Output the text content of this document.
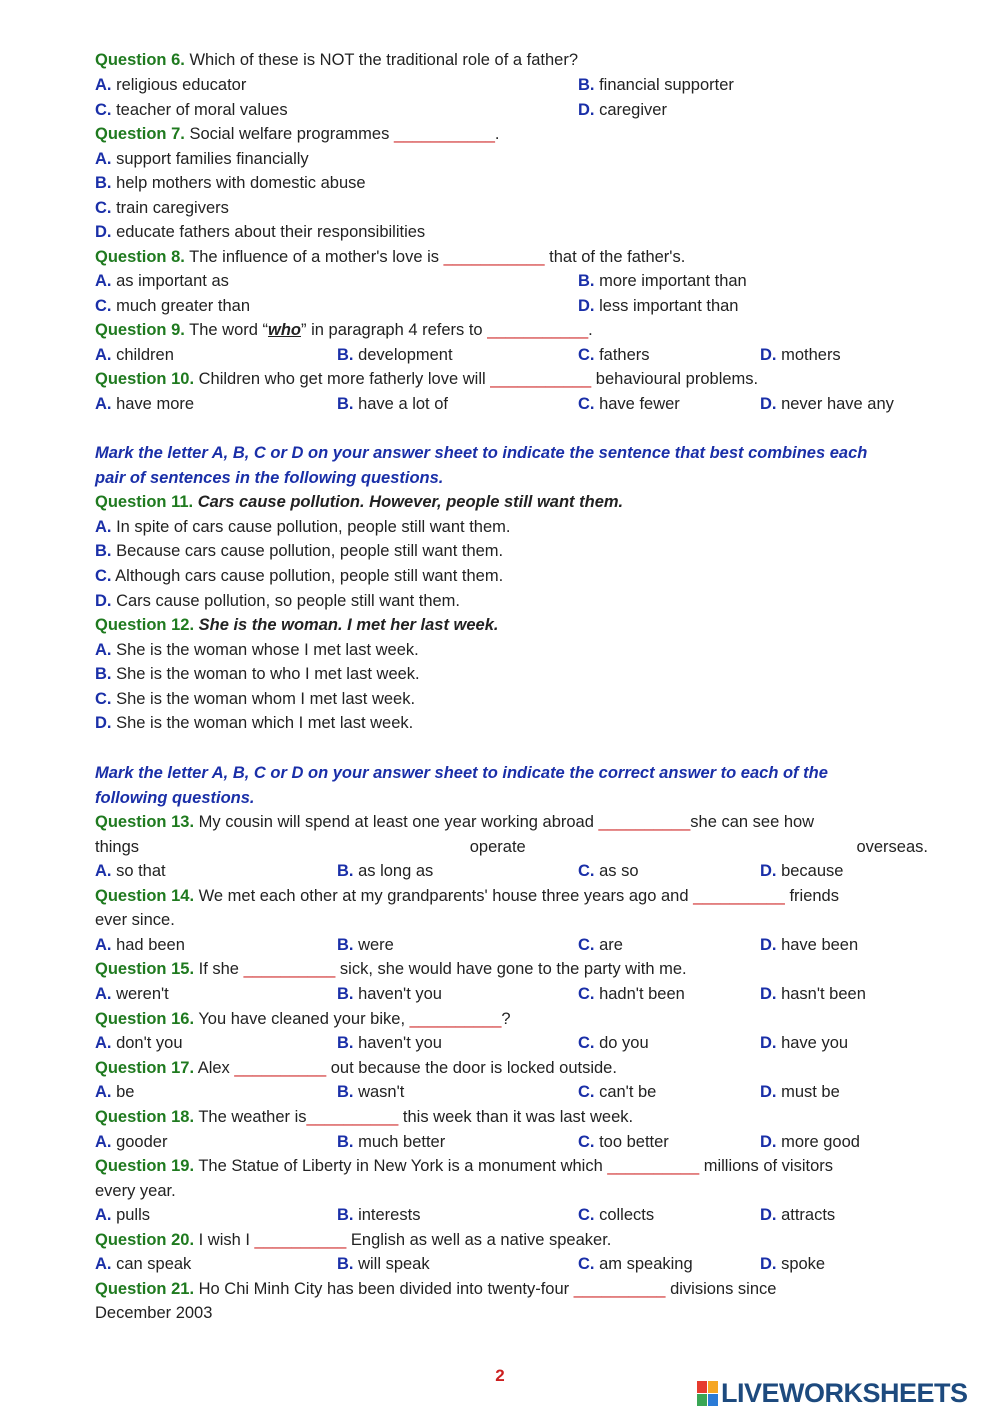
Question 6. Which of these is NOT the traditional role of a father?
A. religious educator	B. financial supporter
C. teacher of moral values	D. caregiver
Question 7. Social welfare programmes ___________.
A. support families financially
B. help mothers with domestic abuse
C. train caregivers
D. educate fathers about their responsibilities
Question 8. The influence of a mother's love is ___________ that of the father's.
A. as important as	B. more important than
C. much greater than	D. less important than
Question 9. The word “who” in paragraph 4 refers to ___________.
A. children	B. development	C. fathers	D. mothers
Question 10. Children who get more fatherly love will ___________ behavioural problems.
A. have more	B. have a lot of	C. have fewer	D. never have any
Mark the letter A, B, C or D on your answer sheet to indicate the sentence that best combines each
pair of sentences in the following questions.
Question 11. Cars cause pollution. However, people still want them.
A. In spite of cars cause pollution, people still want them.
B. Because cars cause pollution, people still want them.
C. Although cars cause pollution, people still want them.
D. Cars cause pollution, so people still want them.
Question 12. She is the woman. I met her last week.
A. She is the woman whose I met last week.
B. She is the woman to who I met last week.
C. She is the woman whom I met last week.
D. She is the woman which I met last week.
Mark the letter A, B, C or D on your answer sheet to indicate the correct answer to each of the
following questions.
Question 13. My cousin will spend at least one year working abroad __________she can see how
things	operate	overseas.
A. so that	B. as long as	C. as so	D. because
Question 14. We met each other at my grandparents' house three years ago and __________ friends
ever since.
A. had been	B. were	C. are	D. have been
Question 15. If she __________ sick, she would have gone to the party with me.
A. weren't	B. haven't you	C. hadn't been	D. hasn't been
Question 16. You have cleaned your bike, __________?
A. don't you	B. haven't you	C. do you	D. have you
Question 17. Alex __________ out because the door is locked outside.
A. be	B. wasn't	C. can't be	D. must be
Question 18. The weather is__________ this week than it was last week.
A. gooder	B. much better	C. too better	D. more good
Question 19. The Statue of Liberty in New York is a monument which __________ millions of visitors
every year.
A. pulls	B. interests	C. collects	D. attracts
Question 20. I wish I __________ English as well as a native speaker.
A. can speak	B. will speak	C. am speaking	D. spoke
Question 21. Ho Chi Minh City has been divided into twenty-four __________ divisions since
December 2003
2
LIVEWORKSHEETS
